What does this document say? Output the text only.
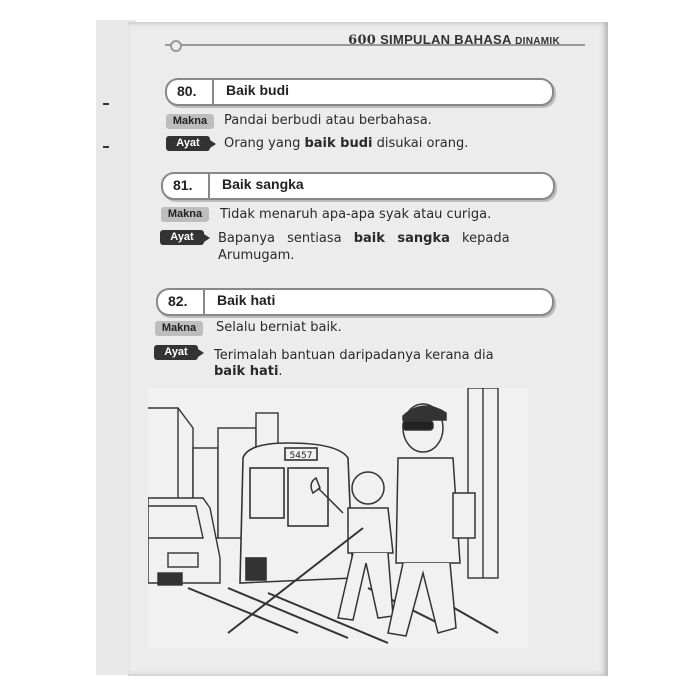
600 SIMPULAN BAHASA DINAMIK
80. Baik budi
Makna	Pandai berbudi atau berbahasa.
Ayat	Orang yang baik budi disukai orang.
81. Baik sangka
Makna	Tidak menaruh apa-apa syak atau curiga.
Ayat	Bapanya sentiasa baik sangka kepada
Arumugam.
82. Baik hati
Makna	Selalu berniat baik.
Ayat	Terimalah bantuan daripadanya kerana dia
baik hati.
5457
